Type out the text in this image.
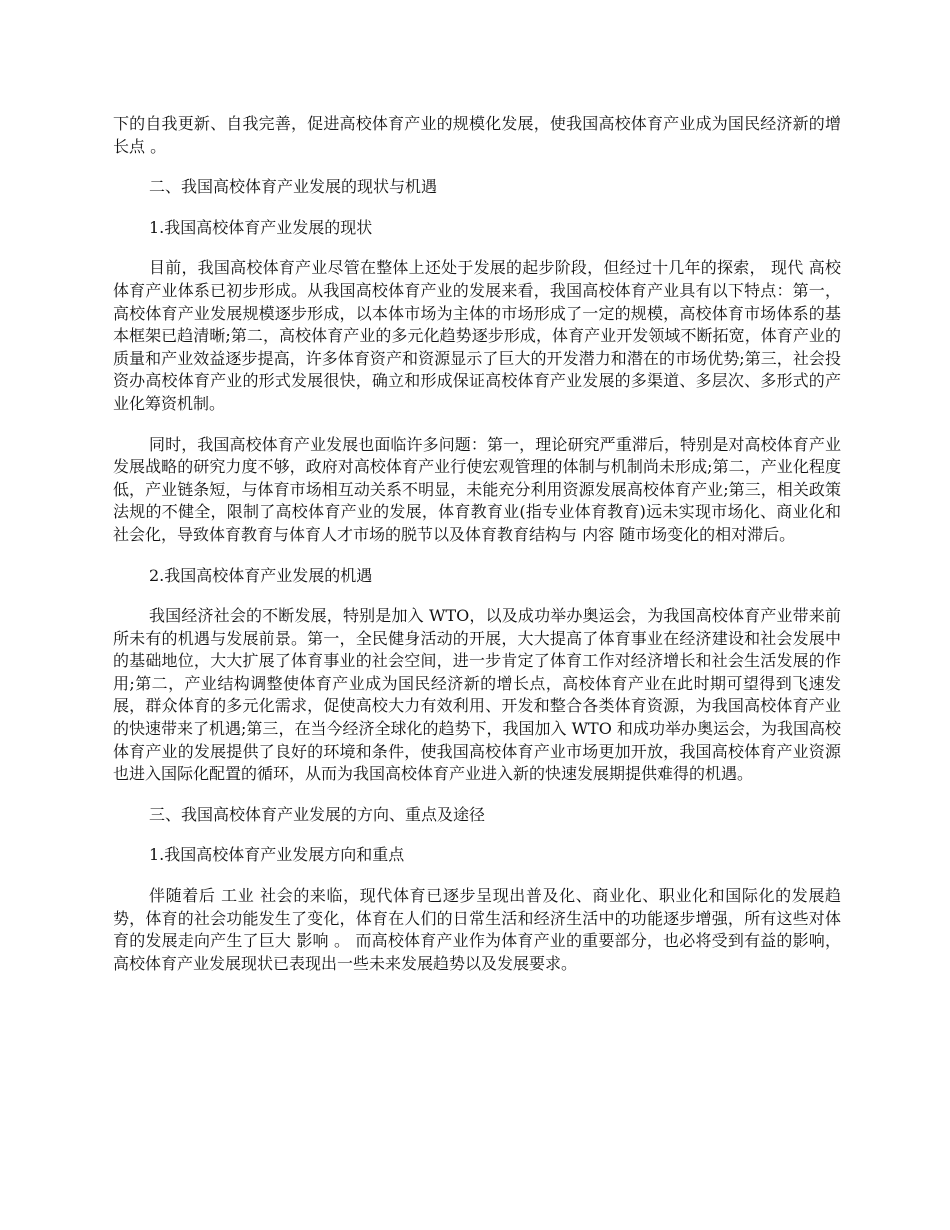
下的自我更新、自我完善，促进高校体育产业的规模化发展，使我国高校体育产业成为国民经济新的增长点 。

二、我国高校体育产业发展的现状与机遇

1.我国高校体育产业发展的现状

目前，我国高校体育产业尽管在整体上还处于发展的起步阶段，但经过十几年的探索， 现代 高校体育产业体系已初步形成。从我国高校体育产业的发展来看，我国高校体育产业具有以下特点：第一，高校体育产业发展规模逐步形成，以本体市场为主体的市场形成了一定的规模，高校体育市场体系的基本框架已趋清晰;第二，高校体育产业的多元化趋势逐步形成，体育产业开发领域不断拓宽，体育产业的质量和产业效益逐步提高，许多体育资产和资源显示了巨大的开发潜力和潜在的市场优势;第三，社会投资办高校体育产业的形式发展很快，确立和形成保证高校体育产业发展的多渠道、多层次、多形式的产业化筹资机制。

同时，我国高校体育产业发展也面临许多问题：第一，理论研究严重滞后，特别是对高校体育产业发展战略的研究力度不够，政府对高校体育产业行使宏观管理的体制与机制尚未形成;第二，产业化程度低，产业链条短，与体育市场相互动关系不明显，未能充分利用资源发展高校体育产业;第三，相关政策法规的不健全，限制了高校体育产业的发展，体育教育业(指专业体育教育)远未实现市场化、商业化和社会化，导致体育教育与体育人才市场的脱节以及体育教育结构与 内容 随市场变化的相对滞后。

2.我国高校体育产业发展的机遇

我国经济社会的不断发展，特别是加入 WTO，以及成功举办奥运会，为我国高校体育产业带来前所未有的机遇与发展前景。第一，全民健身活动的开展，大大提高了体育事业在经济建设和社会发展中的基础地位，大大扩展了体育事业的社会空间，进一步肯定了体育工作对经济增长和社会生活发展的作用;第二，产业结构调整使体育产业成为国民经济新的增长点，高校体育产业在此时期可望得到飞速发展，群众体育的多元化需求，促使高校大力有效利用、开发和整合各类体育资源，为我国高校体育产业的快速带来了机遇;第三，在当今经济全球化的趋势下，我国加入 WTO 和成功举办奥运会，为我国高校体育产业的发展提供了良好的环境和条件，使我国高校体育产业市场更加开放，我国高校体育产业资源也进入国际化配置的循环，从而为我国高校体育产业进入新的快速发展期提供难得的机遇。

三、我国高校体育产业发展的方向、重点及途径

1.我国高校体育产业发展方向和重点

伴随着后 工业 社会的来临，现代体育已逐步呈现出普及化、商业化、职业化和国际化的发展趋势，体育的社会功能发生了变化，体育在人们的日常生活和经济生活中的功能逐步增强，所有这些对体育的发展走向产生了巨大 影响 。 而高校体育产业作为体育产业的重要部分，也必将受到有益的影响，高校体育产业发展现状已表现出一些未来发展趋势以及发展要求。
